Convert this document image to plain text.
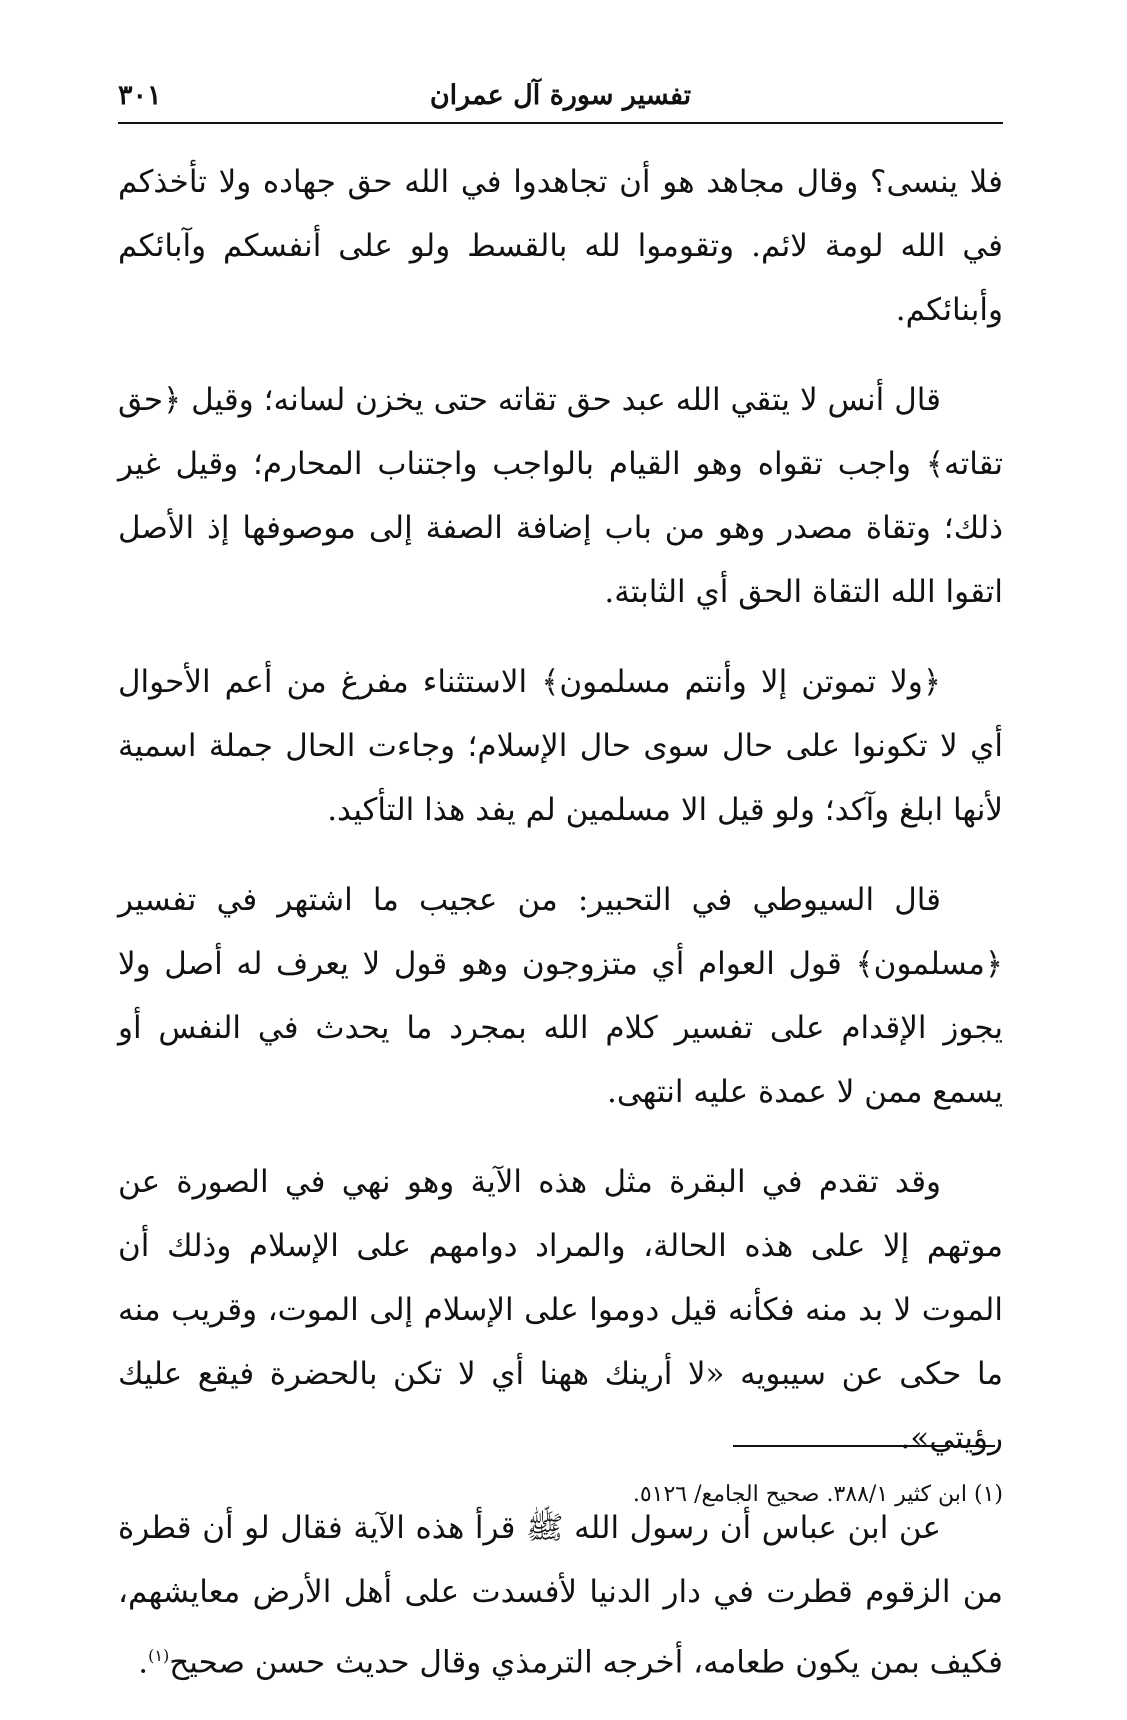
تفسير سورة آل عمران
٣٠١

فلا ينسى؟ وقال مجاهد هو أن تجاهدوا في الله حق جهاده ولا تأخذكم في الله لومة لائم. وتقوموا لله بالقسط ولو على أنفسكم وآبائكم وأبنائكم.

قال أنس لا يتقي الله عبد حق تقاته حتى يخزن لسانه؛ وقيل ﴿حق تقاته﴾ واجب تقواه وهو القيام بالواجب واجتناب المحارم؛ وقيل غير ذلك؛ وتقاة مصدر وهو من باب إضافة الصفة إلى موصوفها إذ الأصل اتقوا الله التقاة الحق أي الثابتة.

﴿ولا تموتن إلا وأنتم مسلمون﴾ الاستثناء مفرغ من أعم الأحوال أي لا تكونوا على حال سوى حال الإسلام؛ وجاءت الحال جملة اسمية لأنها ابلغ وآكد؛ ولو قيل الا مسلمين لم يفد هذا التأكيد.

قال السيوطي في التحبير: من عجيب ما اشتهر في تفسير ﴿مسلمون﴾ قول العوام أي متزوجون وهو قول لا يعرف له أصل ولا يجوز الإقدام على تفسير كلام الله بمجرد ما يحدث في النفس أو يسمع ممن لا عمدة عليه انتهى.

وقد تقدم في البقرة مثل هذه الآية وهو نهي في الصورة عن موتهم إلا على هذه الحالة، والمراد دوامهم على الإسلام وذلك أن الموت لا بد منه فكأنه قيل دوموا على الإسلام إلى الموت، وقريب منه ما حكى عن سيبويه «لا أرينك ههنا أي لا تكن بالحضرة فيقع عليك رؤيتي».

عن ابن عباس أن رسول الله ﷺ قرأ هذه الآية فقال لو أن قطرة من الزقوم قطرت في دار الدنيا لأفسدت على أهل الأرض معايشهم، فكيف بمن يكون طعامه، أخرجه الترمذي وقال حديث حسن صحيح$^{(١)}$.

(١) ابن كثير ٣٨٨/١. صحيح الجامع/ ٥١٢٦.
